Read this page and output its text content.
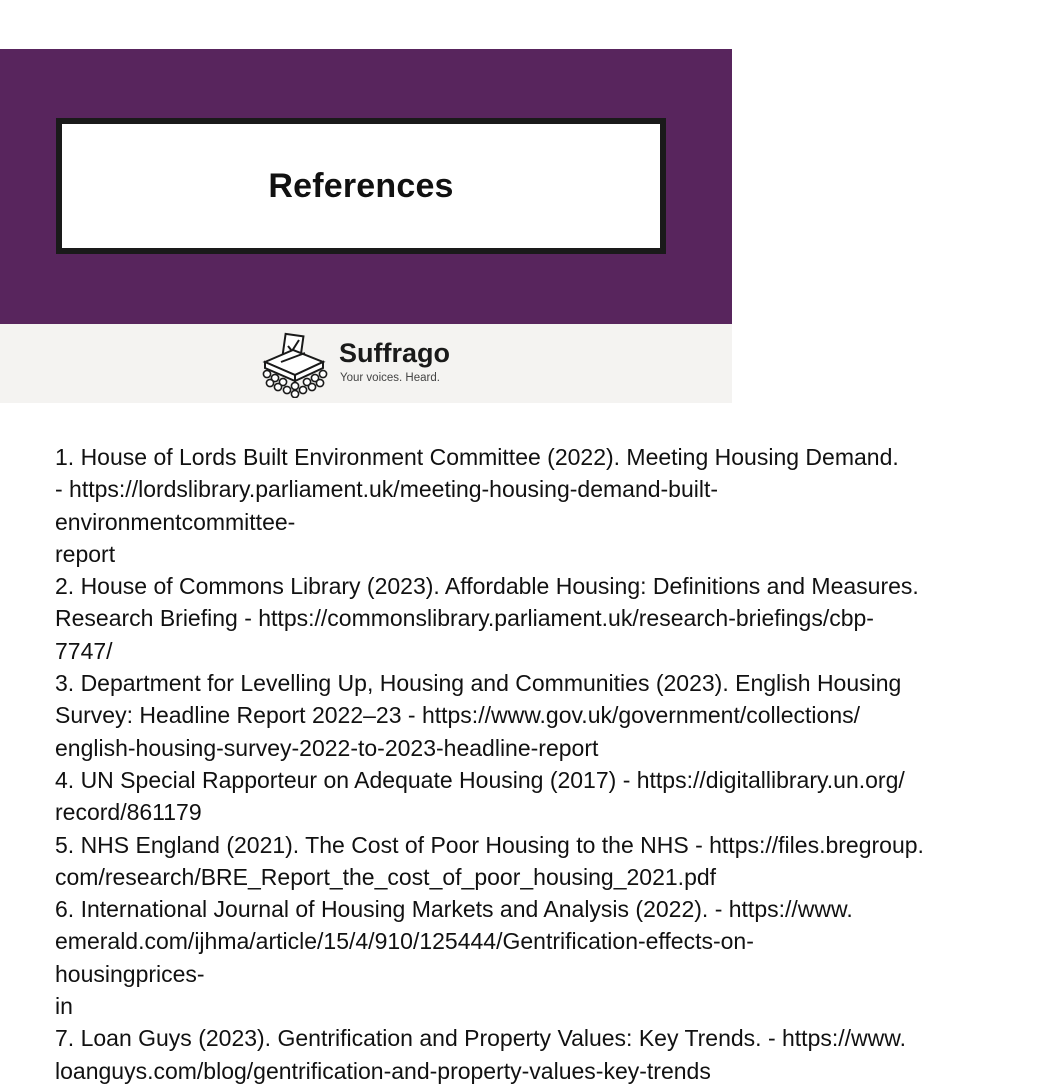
References
Suffrago
Your voices. Heard.
1. House of Lords Built Environment Committee (2022). Meeting Housing Demand.
- https://lordslibrary.parliament.uk/meeting-housing-demand-built-
environmentcommittee-
report
2. House of Commons Library (2023). Affordable Housing: Definitions and Measures.
Research Briefing - https://commonslibrary.parliament.uk/research-briefings/cbp-
7747/
3. Department for Levelling Up, Housing and Communities (2023). English Housing
Survey: Headline Report 2022–23 - https://www.gov.uk/government/collections/
english-housing-survey-2022-to-2023-headline-report
4. UN Special Rapporteur on Adequate Housing (2017) - https://digitallibrary.un.org/
record/861179
5. NHS England (2021). The Cost of Poor Housing to the NHS - https://files.bregroup.
com/research/BRE_Report_the_cost_of_poor_housing_2021.pdf
6. International Journal of Housing Markets and Analysis (2022). - https://www.
emerald.com/ijhma/article/15/4/910/125444/Gentrification-effects-on-
housingprices-
in
7. Loan Guys (2023). Gentrification and Property Values: Key Trends. - https://www.
loanguys.com/blog/gentrification-and-property-values-key-trends
